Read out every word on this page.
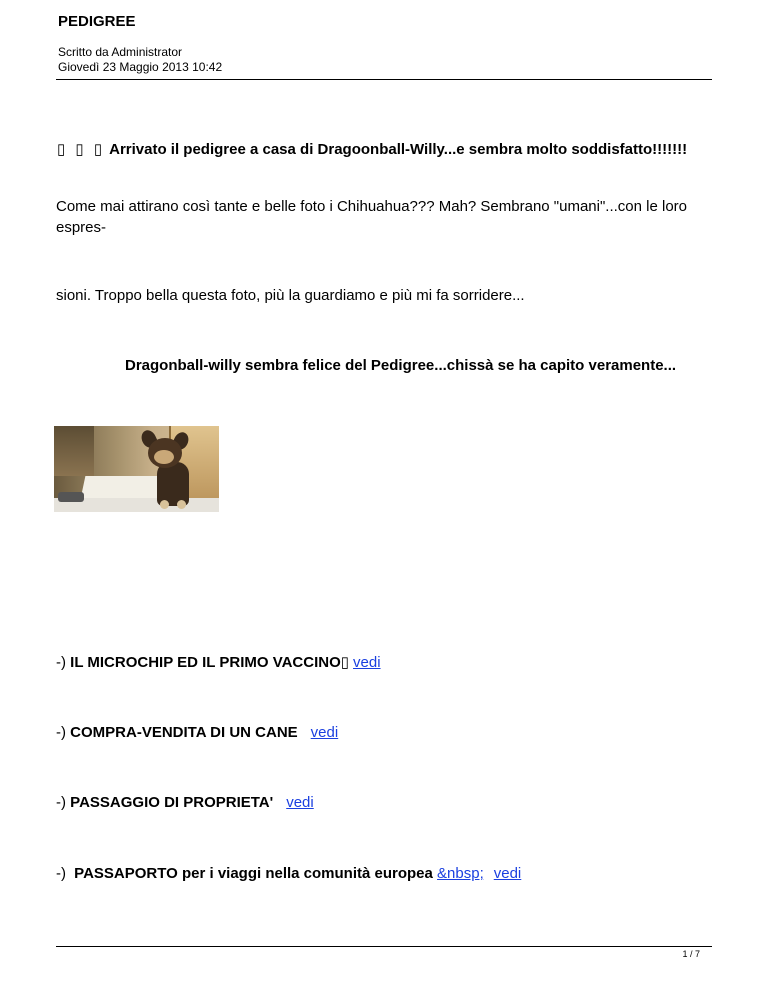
PEDIGREE
Scritto da Administrator
Giovedì 23 Maggio 2013 10:42
▯ ▯ ▯ Arrivato il pedigree a casa di Dragoonball-Willy...e sembra molto soddisfatto!!!!!!!
Come mai attirano così tante e belle foto i Chihuahua??? Mah? Sembrano "umani"...con le loro espres-
sioni. Troppo bella questa foto, più la guardiamo e più mi fa sorridere...
Dragonball-willy sembra felice del Pedigree...chissà se ha capito veramente...
-) IL MICROCHIP ED IL PRIMO VACCINO▯ vedi
-) COMPRA-VENDITA DI UN CANE vedi
-) PASSAGGIO DI PROPRIETA' vedi
-) PASSAPORTO per i viaggi nella comunità europea &nbsp; vedi
1 / 7
